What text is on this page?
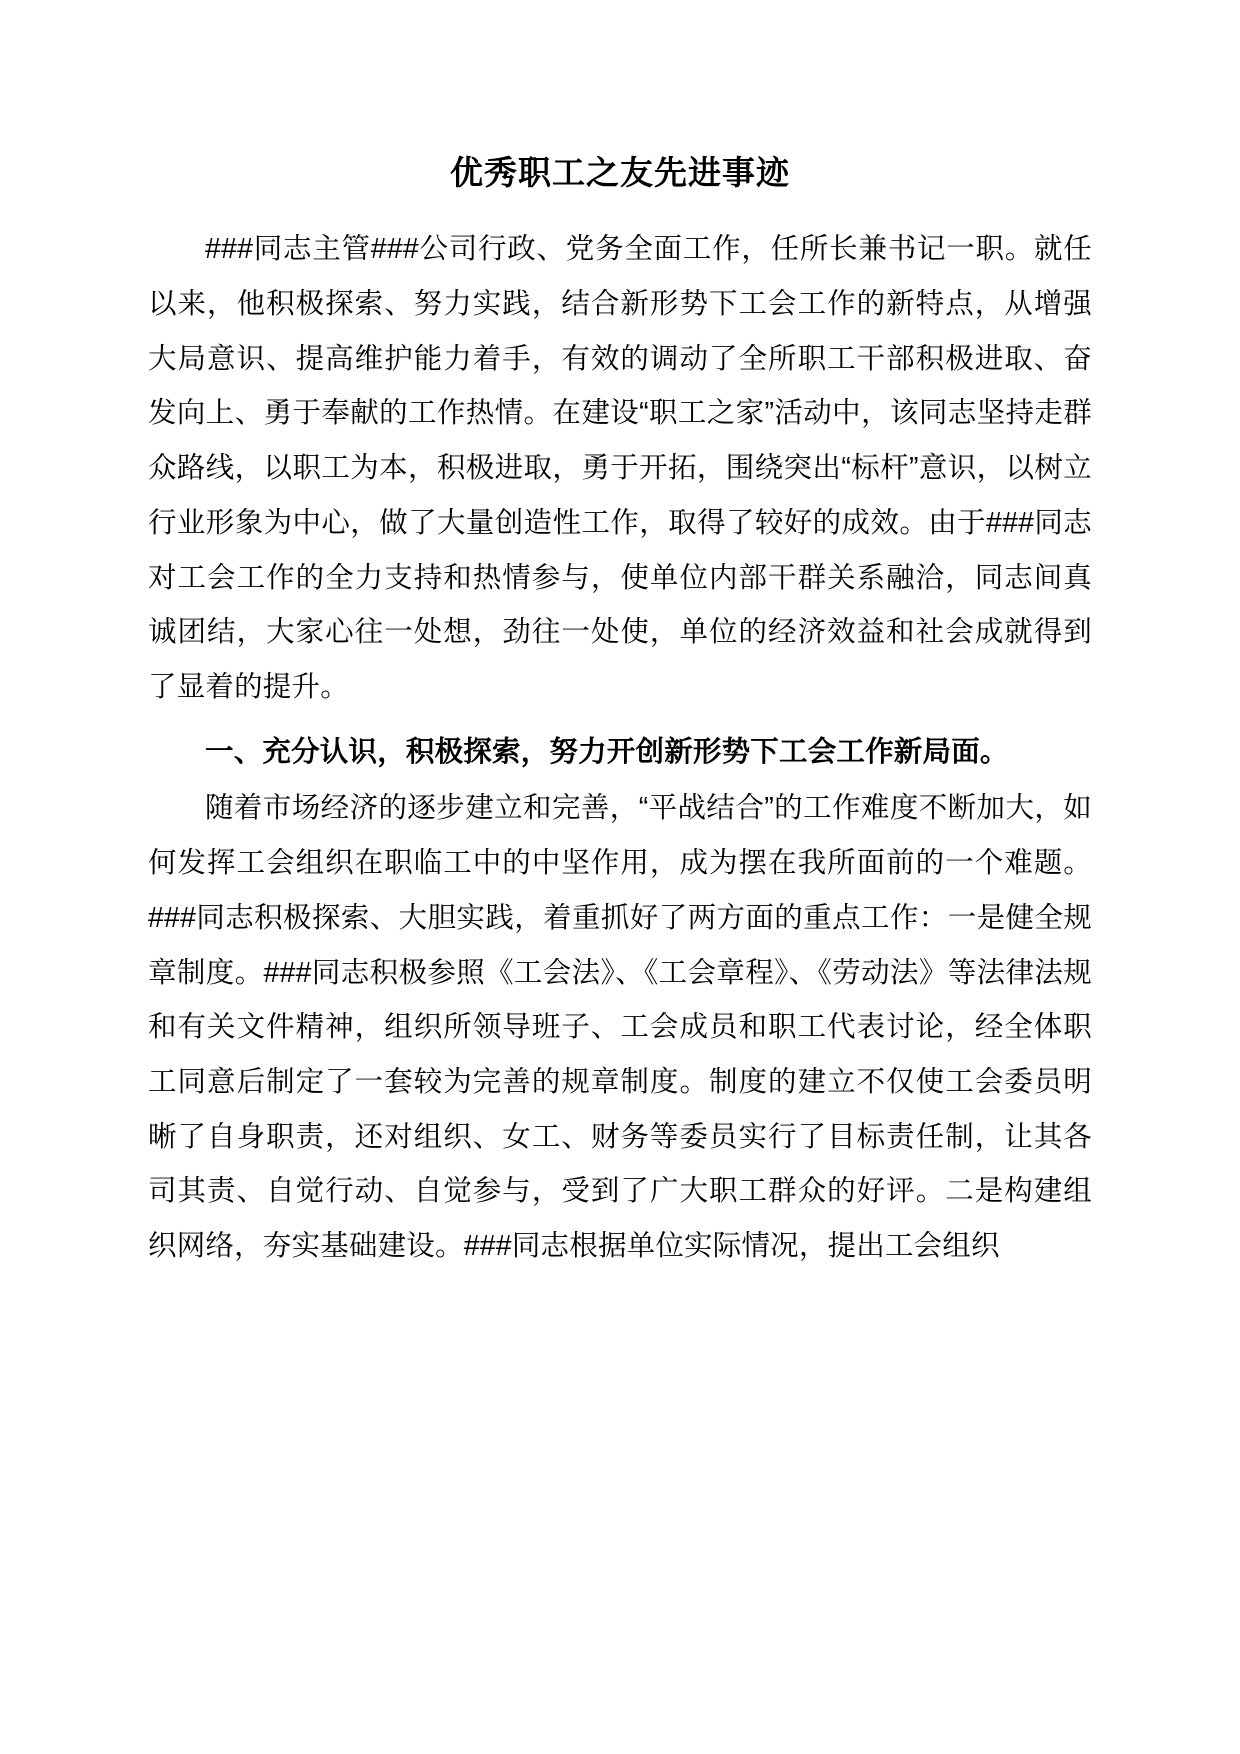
优秀职工之友先进事迹

###同志主管###公司行政、党务全面工作，任所长兼书记一职。就任以来，他积极探索、努力实践，结合新形势下工会工作的新特点，从增强大局意识、提高维护能力着手，有效的调动了全所职工干部积极进取、奋发向上、勇于奉献的工作热情。在建设“职工之家”活动中，该同志坚持走群众路线，以职工为本，积极进取，勇于开拓，围绕突出“标杆”意识，以树立行业形象为中心，做了大量创造性工作，取得了较好的成效。由于###同志对工会工作的全力支持和热情参与，使单位内部干群关系融洽，同志间真诚团结，大家心往一处想，劲往一处使，单位的经济效益和社会成就得到了显着的提升。

一、充分认识，积极探索，努力开创新形势下工会工作新局面。

随着市场经济的逐步建立和完善，“平战结合”的工作难度不断加大，如何发挥工会组织在职临工中的中坚作用，成为摆在我所面前的一个难题。###同志积极探索、大胆实践，着重抓好了两方面的重点工作：一是健全规章制度。###同志积极参照《工会法》、《工会章程》、《劳动法》等法律法规和有关文件精神，组织所领导班子、工会成员和职工代表讨论，经全体职工同意后制定了一套较为完善的规章制度。制度的建立不仅使工会委员明晰了自身职责，还对组织、女工、财务等委员实行了目标责任制，让其各司其责、自觉行动、自觉参与，受到了广大职工群众的好评。二是构建组织网络，夯实基础建设。###同志根据单位实际情况，提出工会组织
